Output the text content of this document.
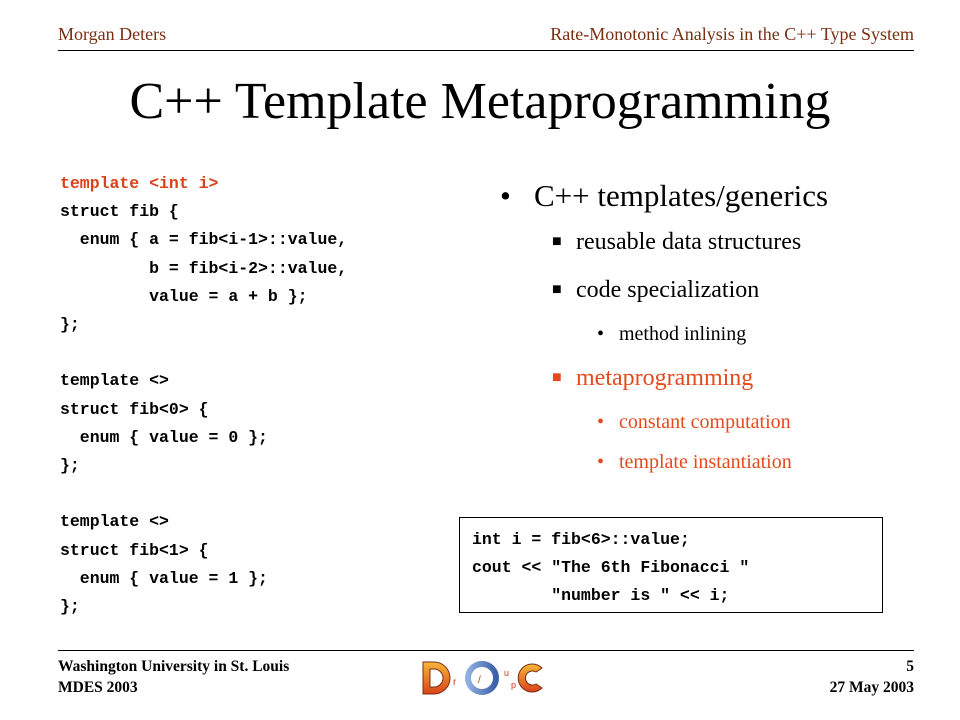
Morgan Deters	Rate-Monotonic Analysis in the C++ Type System
C++ Template Metaprogramming
template <int i>
struct fib {
enum { a = fib<i-1>::value,
b = fib<i-2>::value,
value = a + b };
};

template <>
struct fib<0> {
enum { value = 0 };
};

template <>
struct fib<1> {
enum { value = 1 };
};
• C++ templates/generics
■ reusable data structures
■ code specialization
• method inlining
■ metaprogramming
• constant computation
• template instantiation
int i = fib<6>::value;
cout << "The 6th Fibonacci "
"number is " << i;
Washington University in St. Louis
MDES 2003
5
27 May 2003
r /
u
p
